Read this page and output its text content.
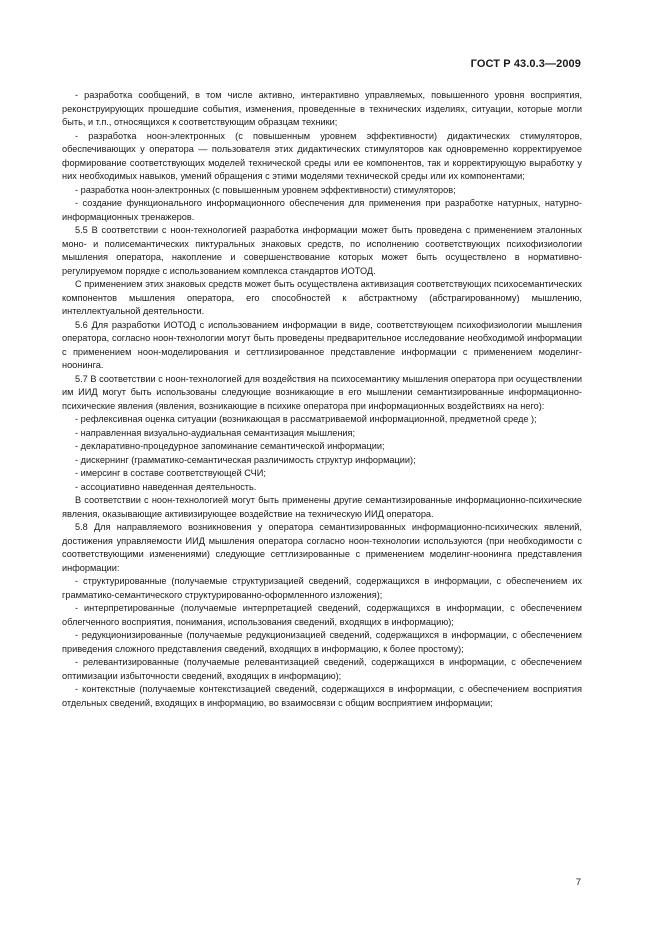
ГОСТ Р 43.0.3—2009

- разработка сообщений, в том числе активно, интерактивно управляемых, повышенного уровня восприятия, реконструирующих прошедшие события, изменения, проведенные в технических изделиях, ситуации, которые могли быть, и т.п., относящихся к соответствующим образцам техники;

- разработка ноон-электронных (с повышенным уровнем эффективности) дидактических стимуляторов, обеспечивающих у оператора — пользователя этих дидактических стимуляторов как одновременно корректируемое формирование соответствующих моделей технической среды или ее компонентов, так и корректирующую выработку у них необходимых навыков, умений обращения с этими моделями технической среды или их компонентами;

- разработка ноон-электронных (с повышенным уровнем эффективности) стимуляторов;

- создание функционального информационного обеспечения для применения при разработке натурных, натурно-информационных тренажеров.

5.5 В соответствии с ноон-технологией разработка информации может быть проведена с применением эталонных моно- и полисемантических пиктуральных знаковых средств, по исполнению соответствующих психофизиологии мышления оператора, накопление и совершенствование которых может быть осуществлено в нормативно-регулируемом порядке с использованием комплекса стандартов ИОТОД.

С применением этих знаковых средств может быть осуществлена активизация соответствующих психосемантических компонентов мышления оператора, его способностей к абстрактному (абстрагированному) мышлению, интеллектуальной деятельности.

5.6 Для разработки ИОТОД с использованием информации в виде, соответствующем психофизиологии мышления оператора, согласно ноон-технологии могут быть проведены предварительное исследование необходимой информации с применением ноон-моделирования и сеттлизированное представление информации с применением моделинг-ноонинга.

5.7 В соответствии с ноон-технологией для воздействия на психосемантику мышления оператора при осуществлении им ИИД могут быть использованы следующие возникающие в его мышлении семантизированные информационно-психические явления (явления, возникающие в психике оператора при информационных воздействиях на него):

- рефлексивная оценка ситуации (возникающая в рассматриваемой информационной, предметной среде );

- направленная визуально-аудиальная семантизация мышления;

- декларативно-процедурное запоминание семантической информации;

- дискернинг (грамматико-семантическая различимость структур информации);

- имерсинг в составе соответствующей СЧИ;

- ассоциативно наведенная деятельность.

В соответствии с ноон-технологией могут быть применены другие семантизированные информационно-психические явления, оказывающие активизирующее воздействие на техническую ИИД оператора.

5.8 Для направляемого возникновения у оператора семантизированных информационно-психических явлений, достижения управляемости ИИД мышления оператора согласно ноон-технологии используются (при необходимости с соответствующими изменениями) следующие сеттлизированные с применением моделинг-ноонинга представления информации:

- структурированные (получаемые структуризацией сведений, содержащихся в информации, с обеспечением их грамматико-семантического структурированно-оформленного изложения);

- интерпретированные (получаемые интерпретацией сведений, содержащихся в информации, с обеспечением облегченного восприятия, понимания, использования сведений, входящих в информацию);

- редукционизированные (получаемые редукционизацией сведений, содержащихся в информации, с обеспечением приведения сложного представления сведений, входящих в информацию, к более простому);

- релевантизированные (получаемые релевантизацией сведений, содержащихся в информации, с обеспечением оптимизации избыточности сведений, входящих в информацию);

- контекстные (получаемые контекстизацией сведений, содержащихся в информации, с обеспечением восприятия отдельных сведений, входящих в информацию, во взаимосвязи с общим восприятием информации;

7
